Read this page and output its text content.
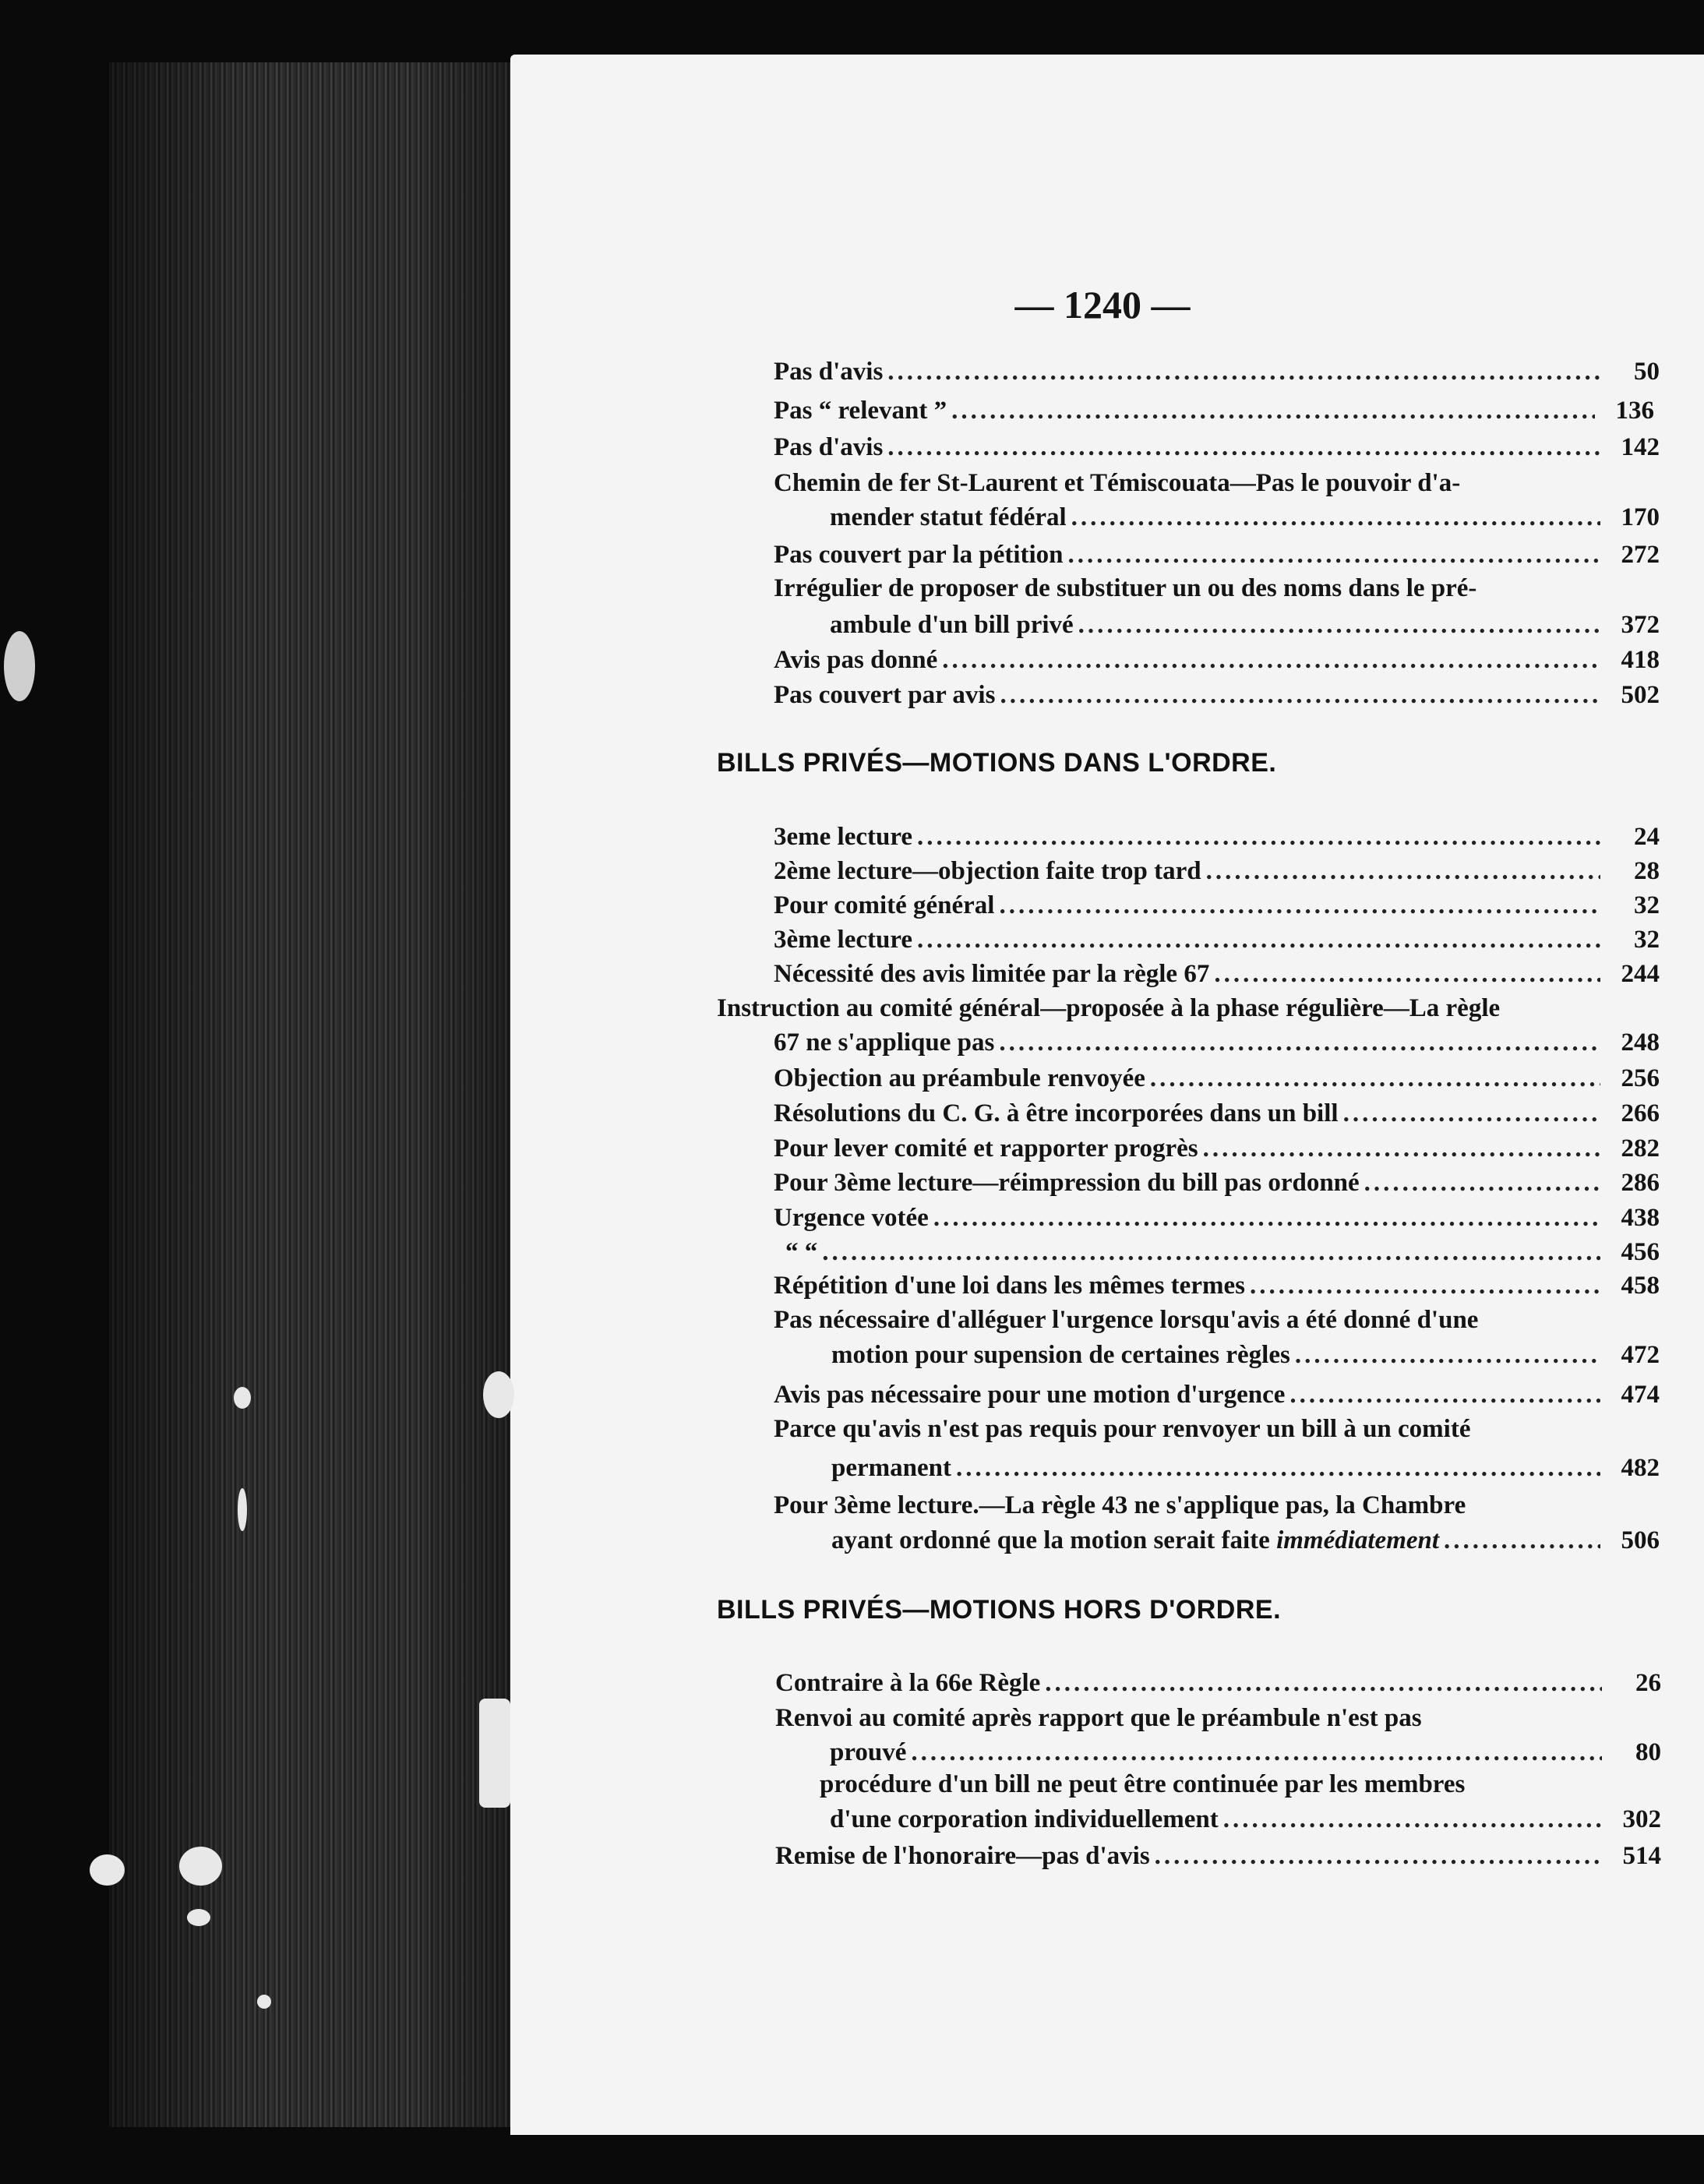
— 1240 —
Pas d'avis .....	50
Pas “ relevant ” .....	136
Pas d'avis .....	142
Chemin de fer St-Laurent et Témiscouata—Pas le pouvoir d'a-
mender statut fédéral .....	170
Pas couvert par la pétition .....	272
Irrégulier de proposer de substituer un ou des noms dans le pré-
ambule d'un bill privé .....	372
Avis pas donné .....	418
Pas couvert par avis .....	502
BILLS PRIVÉS—MOTIONS DANS L'ORDRE.
3eme lecture .....	24
2ème lecture—objection faite trop tard .....	28
Pour comité général .....	32
3ème lecture .....	32
Nécessité des avis limitée par la règle 67 .....	244
Instruction au comité général—proposée à la phase régulière—La règle
67 ne s'applique pas .....	248
Objection au préambule renvoyée .....	256
Résolutions du C. G. à être incorporées dans un bill .....	266
Pour lever comité et rapporter progrès .....	282
Pour 3ème lecture—réimpression du bill pas ordonné .....	286
Urgence votée .....	438
“ “ .....	456
Répétition d'une loi dans les mêmes termes .....	458
Pas nécessaire d'alléguer l'urgence lorsqu'avis a été donné d'une
motion pour supension de certaines règles .....	472
Avis pas nécessaire pour une motion d'urgence .....	474
Parce qu'avis n'est pas requis pour renvoyer un bill à un comité
permanent .....	482
Pour 3ème lecture.—La règle 43 ne s'applique pas, la Chambre
ayant ordonné que la motion serait faite immédiatement .....	506
BILLS PRIVÉS—MOTIONS HORS D'ORDRE.
Contraire à la 66e Règle .....	26
Renvoi au comité après rapport que le préambule n'est pas
prouvé .....	80
procédure d'un bill ne peut être continuée par les membres
d'une corporation individuellement .....	302
Remise de l'honoraire—pas d'avis .....	514
